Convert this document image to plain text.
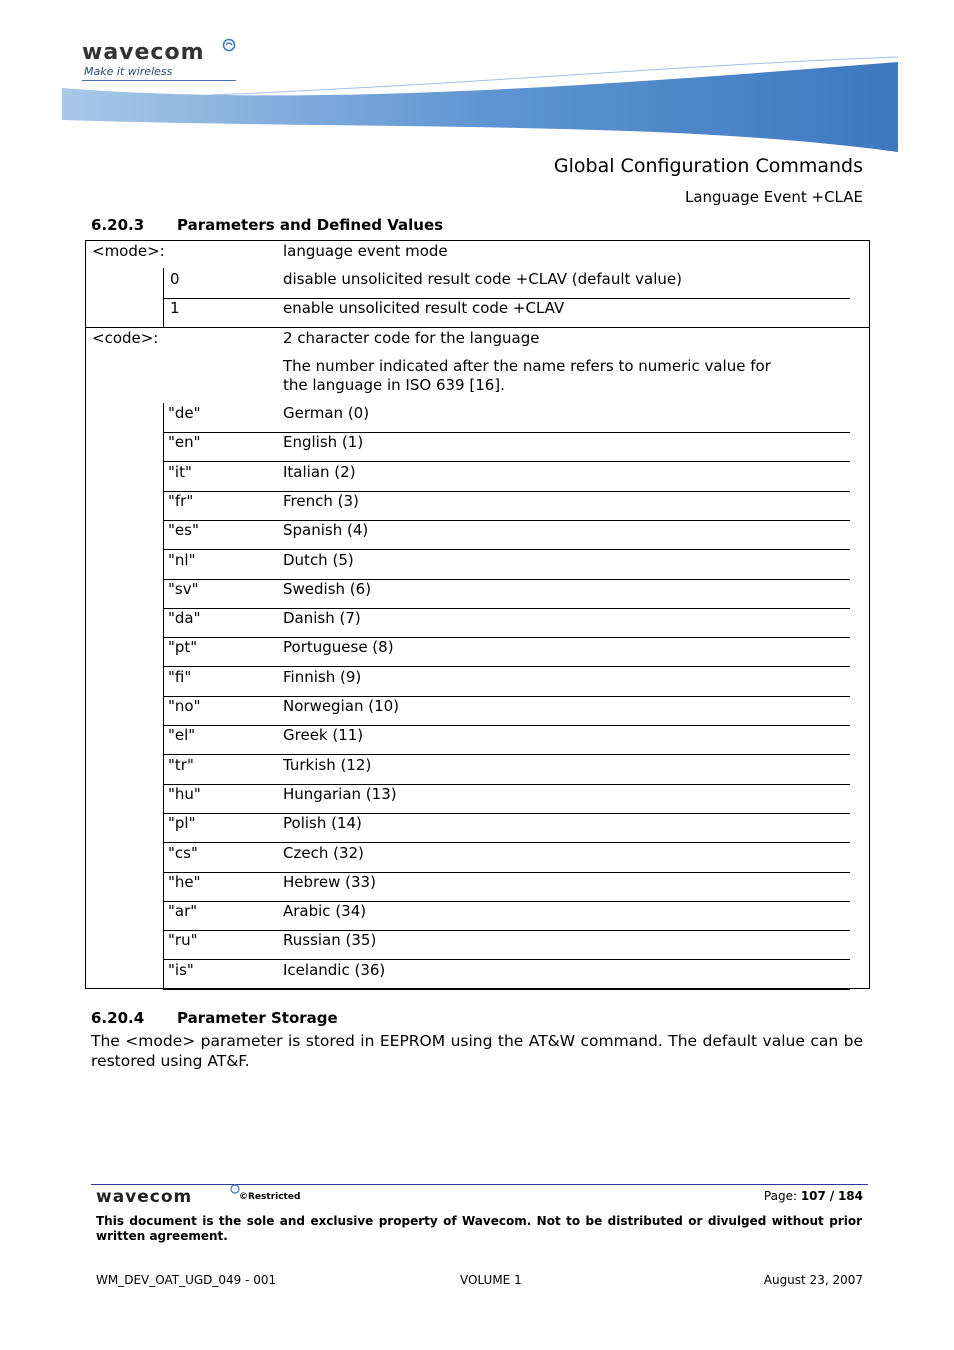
wavecom
Make it wireless
Global Configuration Commands
Language Event +CLAE
6.20.3 Parameters and Defined Values
<mode>:	language event mode
0	disable unsolicited result code +CLAV (default value)
1	enable unsolicited result code +CLAV
<code>:	2 character code for the language
The number indicated after the name refers to numeric value for
the language in ISO 639 [16].
"de"	German (0)
"en"	English (1)
"it"	Italian (2)
"fr"	French (3)
"es"	Spanish (4)
"nl"	Dutch (5)
"sv"	Swedish (6)
"da"	Danish (7)
"pt"	Portuguese (8)
"fi"	Finnish (9)
"no"	Norwegian (10)
"el"	Greek (11)
"tr"	Turkish (12)
"hu"	Hungarian (13)
"pl"	Polish (14)
"cs"	Czech (32)
"he"	Hebrew (33)
"ar"	Arabic (34)
"ru"	Russian (35)
"is"	Icelandic (36)
6.20.4 Parameter Storage
The <mode> parameter is stored in EEPROM using the AT&W command. The default value can be restored using AT&F.
wavecom	©Restricted	Page: 107 / 184
This document is the sole and exclusive property of Wavecom. Not to be distributed or divulged without prior written agreement.
WM_DEV_OAT_UGD_049 - 001	VOLUME 1	August 23, 2007
